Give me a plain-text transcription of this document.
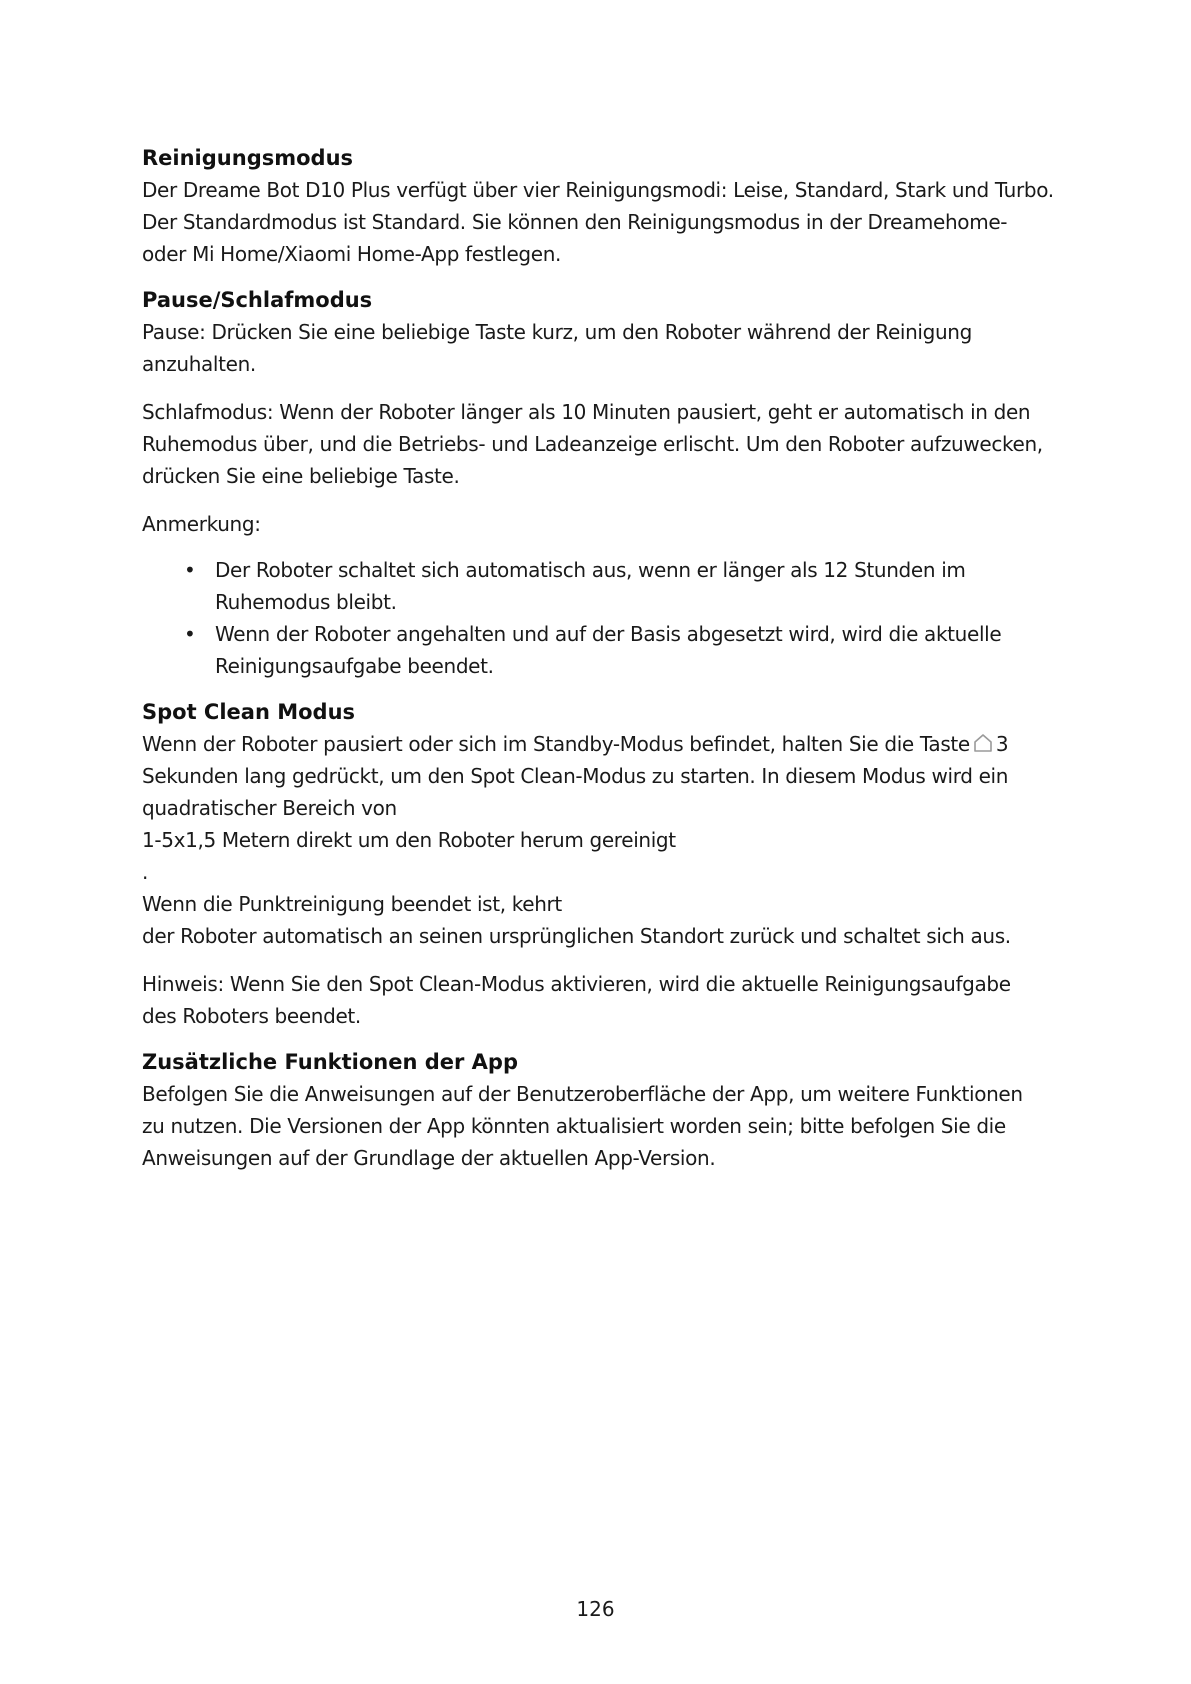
Reinigungsmodus

Der Dreame Bot D10 Plus verfügt über vier Reinigungsmodi: Leise, Standard, Stark und Turbo.

Der Standardmodus ist Standard. Sie können den Reinigungsmodus in der Dreamehome-

oder Mi Home/Xiaomi Home-App festlegen.

Pause/Schlafmodus

Pause: Drücken Sie eine beliebige Taste kurz, um den Roboter während der Reinigung

anzuhalten.

Schlafmodus: Wenn der Roboter länger als 10 Minuten pausiert, geht er automatisch in den

Ruhemodus über, und die Betriebs- und Ladeanzeige erlischt. Um den Roboter aufzuwecken,

drücken Sie eine beliebige Taste.

Anmerkung:

• Der Roboter schaltet sich automatisch aus, wenn er länger als 12 Stunden im
Ruhemodus bleibt.
• Wenn der Roboter angehalten und auf der Basis abgesetzt wird, wird die aktuelle
Reinigungsaufgabe beendet.
Spot Clean Modus

Wenn der Roboter pausiert oder sich im Standby-Modus befindet, halten Sie die Taste 3

Sekunden lang gedrückt, um den Spot Clean-Modus zu starten. In diesem Modus wird ein

quadratischer Bereich von

1-5x1,5 Metern direkt um den Roboter herum gereinigt

.

Wenn die Punktreinigung beendet ist, kehrt

der Roboter automatisch an seinen ursprünglichen Standort zurück und schaltet sich aus.

Hinweis: Wenn Sie den Spot Clean-Modus aktivieren, wird die aktuelle Reinigungsaufgabe

des Roboters beendet.

Zusätzliche Funktionen der App

Befolgen Sie die Anweisungen auf der Benutzeroberfläche der App, um weitere Funktionen

zu nutzen. Die Versionen der App könnten aktualisiert worden sein; bitte befolgen Sie die

Anweisungen auf der Grundlage der aktuellen App-Version.

126
